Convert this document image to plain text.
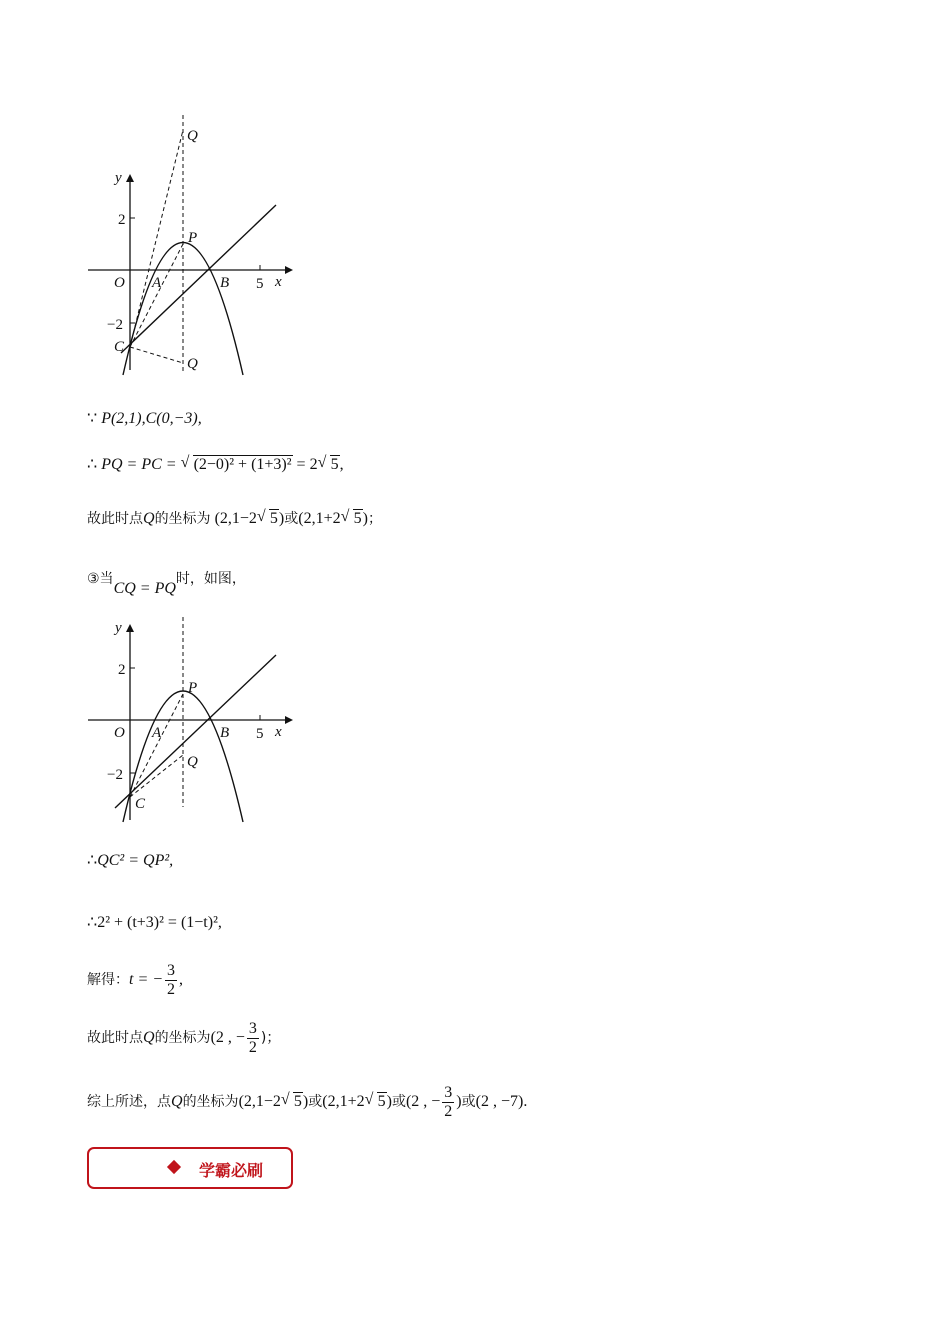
y
x
2
5
−2
O A	B
P
C
Q
Q
∵ P(2,1),C(0,−3),
∴ PQ = PC = √ (2−0)² + (1+3)² = 2 √ 5,
故此时点Q的坐标为 (2,1−2 √ 5)或(2,1+2 √ 5)；
③当CQ = PQ时，如图，
y
x
2
5
−2
O A	B
P
C
Q
∴QC² = QP²,
∴2² + (t+3)² = (1−t)²,
解得：t = − $\frac{3}{2}$ ,
故此时点Q的坐标为(2 , − $\frac{3}{2}$ )；
综上所述，点Q的坐标为(2,1−2 √ 5)或(2,1+2 √ 5)或(2 , − $\frac{3}{2}$ )或(2 , −7).
学霸必刷
